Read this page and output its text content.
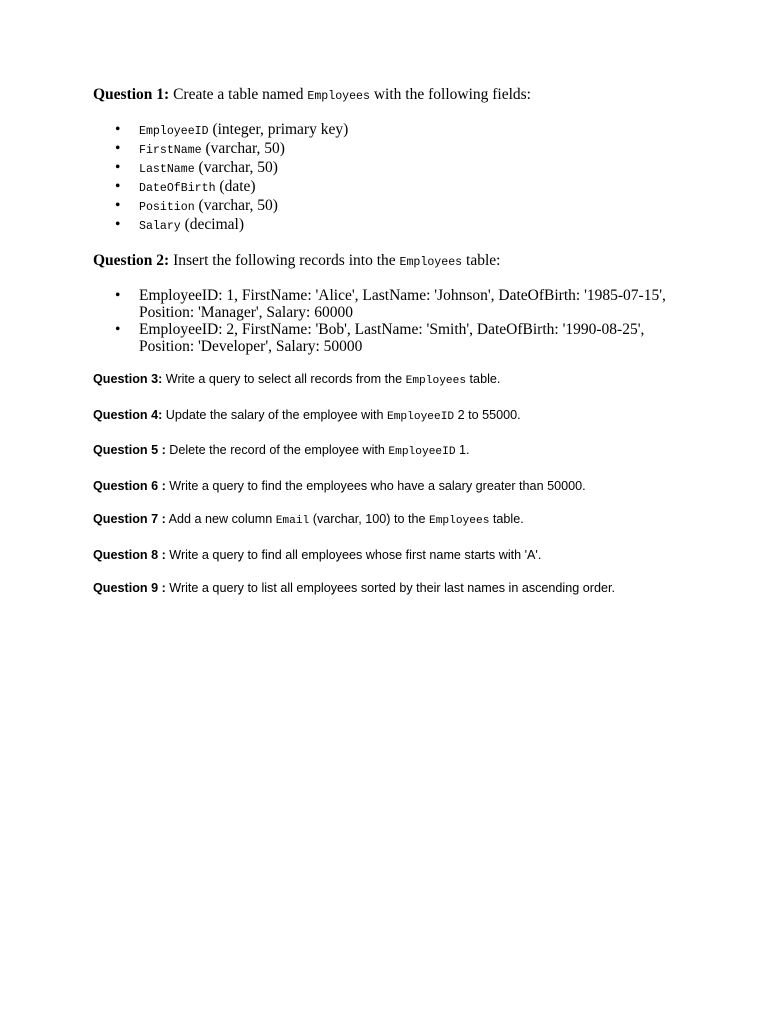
Question 1: Create a table named Employees with the following fields:

• EmployeeID (integer, primary key)
• FirstName (varchar, 50)
• LastName (varchar, 50)
• DateOfBirth (date)
• Position (varchar, 50)
• Salary (decimal)

Question 2: Insert the following records into the Employees table:

• EmployeeID: 1, FirstName: 'Alice', LastName: 'Johnson', DateOfBirth: '1985-07-15',
Position: 'Manager', Salary: 60000
• EmployeeID: 2, FirstName: 'Bob', LastName: 'Smith', DateOfBirth: '1990-08-25',
Position: 'Developer', Salary: 50000

Question 3: Write a query to select all records from the Employees table.

Question 4: Update the salary of the employee with EmployeeID 2 to 55000.

Question 5 : Delete the record of the employee with EmployeeID 1.

Question 6 : Write a query to find the employees who have a salary greater than 50000.

Question 7 : Add a new column Email (varchar, 100) to the Employees table.

Question 8 : Write a query to find all employees whose first name starts with 'A'.

Question 9 : Write a query to list all employees sorted by their last names in ascending order.
